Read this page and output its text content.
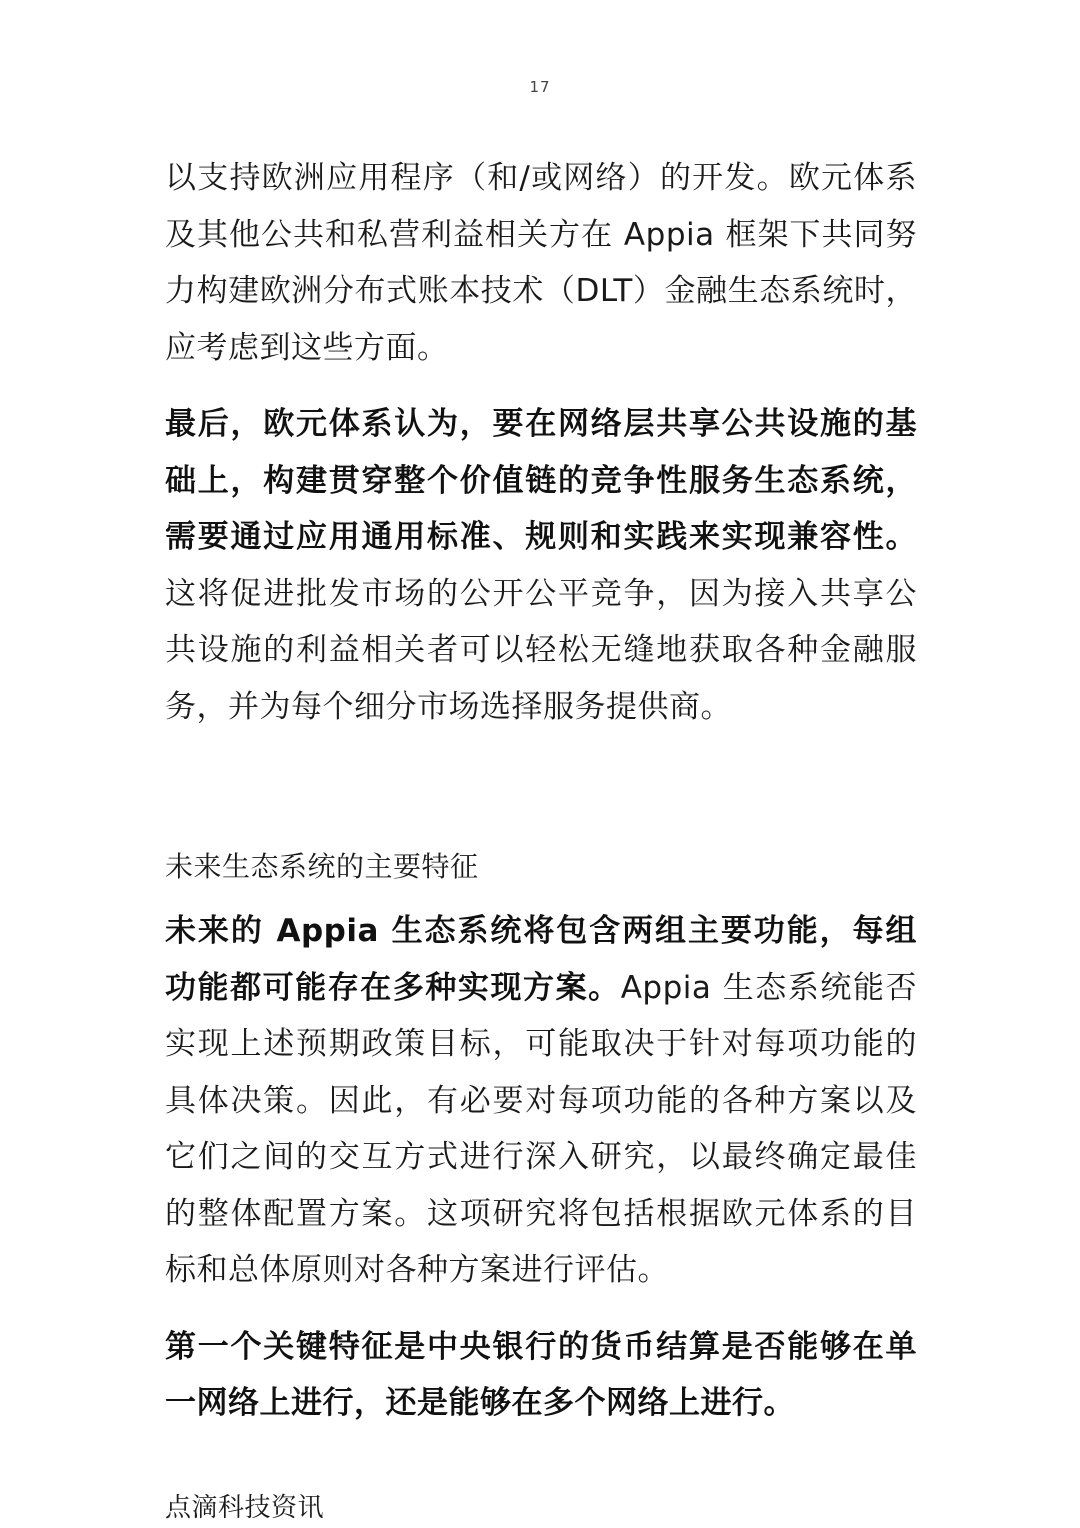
17

以支持欧洲应用程序（和/或网络）的开发。欧元体系及其他公共和私营利益相关方在 Appia 框架下共同努力构建欧洲分布式账本技术（DLT）金融生态系统时，应考虑到这些方面。

最后，欧元体系认为，要在网络层共享公共设施的基础上，构建贯穿整个价值链的竞争性服务生态系统，需要通过应用通用标准、规则和实践来实现兼容性。这将促进批发市场的公开公平竞争，因为接入共享公共设施的利益相关者可以轻松无缝地获取各种金融服务，并为每个细分市场选择服务提供商。

未来生态系统的主要特征

未来的 Appia 生态系统将包含两组主要功能，每组功能都可能存在多种实现方案。Appia 生态系统能否实现上述预期政策目标，可能取决于针对每项功能的具体决策。因此，有必要对每项功能的各种方案以及它们之间的交互方式进行深入研究，以最终确定最佳的整体配置方案。这项研究将包括根据欧元体系的目标和总体原则对各种方案进行评估。

第一个关键特征是中央银行的货币结算是否能够在单一网络上进行，还是能够在多个网络上进行。

点滴科技资讯
